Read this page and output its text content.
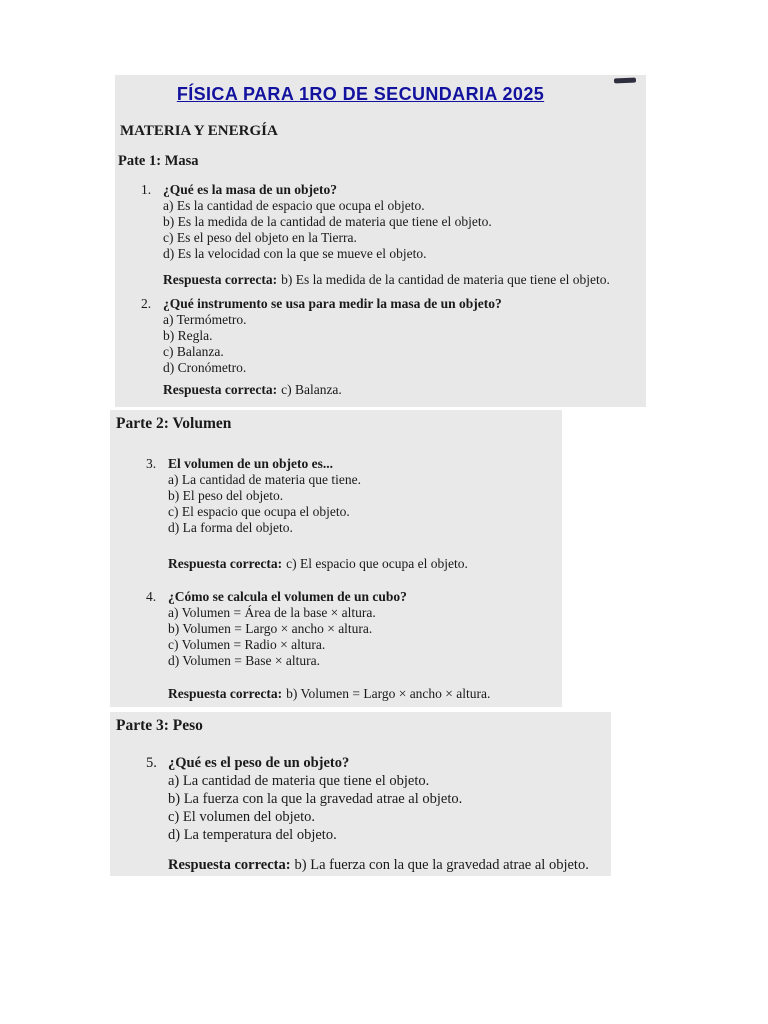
FÍSICA PARA 1RO DE SECUNDARIA 2025
MATERIA Y ENERGÍA
Pate 1: Masa
1. ¿Qué es la masa de un objeto?
a) Es la cantidad de espacio que ocupa el objeto.
b) Es la medida de la cantidad de materia que tiene el objeto.
c) Es el peso del objeto en la Tierra.
d) Es la velocidad con la que se mueve el objeto.
Respuesta correcta: b) Es la medida de la cantidad de materia que tiene el objeto.
2. ¿Qué instrumento se usa para medir la masa de un objeto?
a) Termómetro.
b) Regla.
c) Balanza.
d) Cronómetro.
Respuesta correcta: c) Balanza.
Parte 2: Volumen
3. El volumen de un objeto es...
a) La cantidad de materia que tiene.
b) El peso del objeto.
c) El espacio que ocupa el objeto.
d) La forma del objeto.
Respuesta correcta: c) El espacio que ocupa el objeto.
4. ¿Cómo se calcula el volumen de un cubo?
a) Volumen = Área de la base × altura.
b) Volumen = Largo × ancho × altura.
c) Volumen = Radio × altura.
d) Volumen = Base × altura.
Respuesta correcta: b) Volumen = Largo × ancho × altura.
Parte 3: Peso
5. ¿Qué es el peso de un objeto?
a) La cantidad de materia que tiene el objeto.
b) La fuerza con la que la gravedad atrae al objeto.
c) El volumen del objeto.
d) La temperatura del objeto.
Respuesta correcta: b) La fuerza con la que la gravedad atrae al objeto.
